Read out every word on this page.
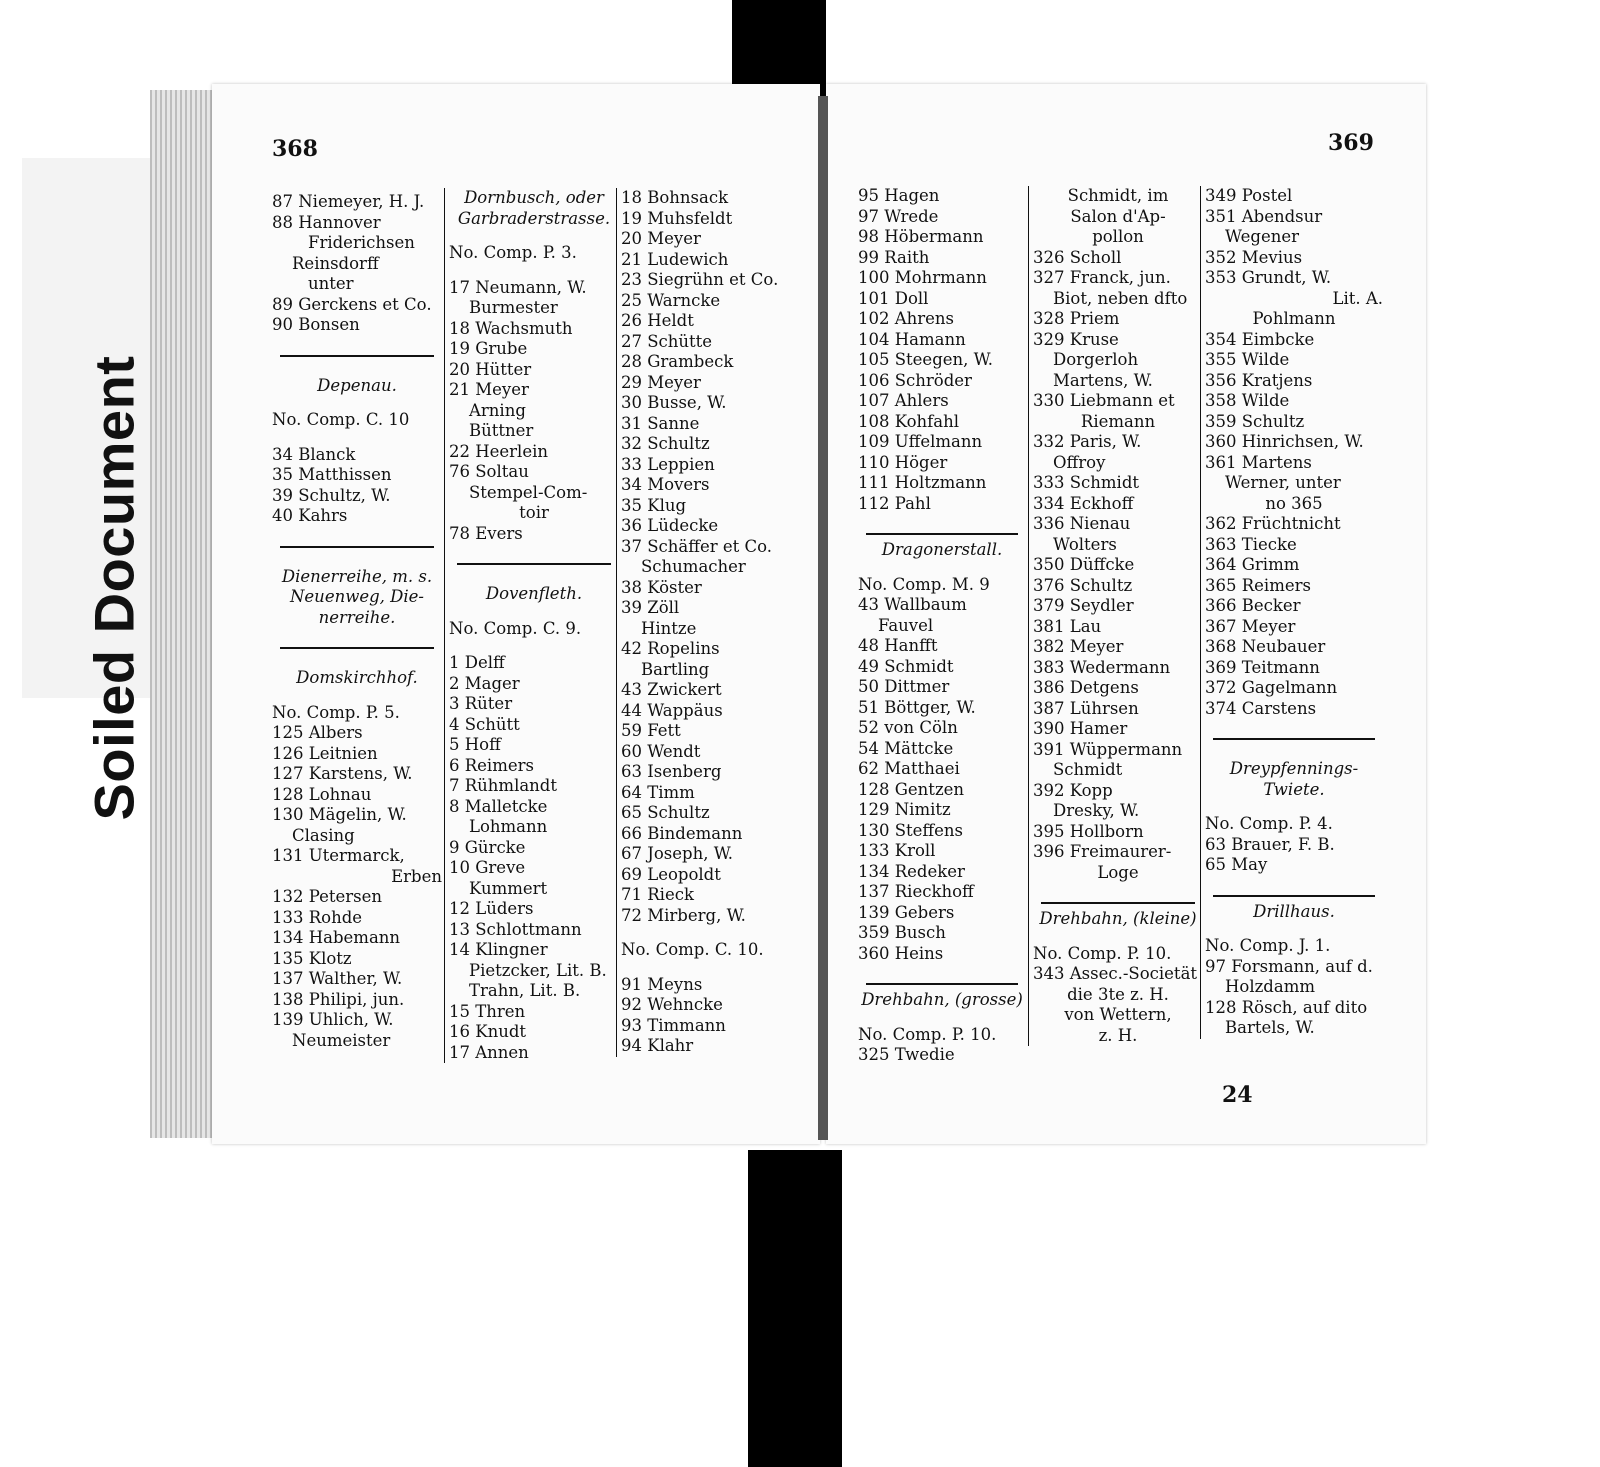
Soiled Document
368	369
87 Niemeyer, H. J.
88 Hannover
Friderichsen
Reinsdorff
unter
89 Gerckens et Co.
90 Bonsen
Depenau.
No. Comp. C. 10
34 Blanck
35 Matthissen
39 Schultz, W.
40 Kahrs
Dienerreihe, m. s.
Neuenweg, Die-
nerreihe.
Domskirchhof.
No. Comp. P. 5.
125 Albers
126 Leitnien
127 Karstens, W.
128 Lohnau
130 Mägelin, W.
Clasing
131 Utermarck,
Erben
132 Petersen
133 Rohde
134 Habemann
135 Klotz
137 Walther, W.
138 Philipi, jun.
139 Uhlich, W.
Neumeister
Dornbusch, oder
Garbraderstrasse.
No. Comp. P. 3.
17 Neumann, W.
Burmester
18 Wachsmuth
19 Grube
20 Hütter
21 Meyer
Arning
Büttner
22 Heerlein
76 Soltau
Stempel-Com-
toir
78 Evers
Dovenfleth.
No. Comp. C. 9.
1 Delff
2 Mager
3 Rüter
4 Schütt
5 Hoff
6 Reimers
7 Rühmlandt
8 Malletcke
Lohmann
9 Gürcke
10 Greve
Kummert
12 Lüders
13 Schlottmann
14 Klingner
Pietzcker, Lit. B.
Trahn, Lit. B.
15 Thren
16 Knudt
17 Annen
18 Bohnsack
19 Muhsfeldt
20 Meyer
21 Ludewich
23 Siegrühn et Co.
25 Warncke
26 Heldt
27 Schütte
28 Grambeck
29 Meyer
30 Busse, W.
31 Sanne
32 Schultz
33 Leppien
34 Movers
35 Klug
36 Lüdecke
37 Schäffer et Co.
Schumacher
38 Köster
39 Zöll
Hintze
42 Ropelins
Bartling
43 Zwickert
44 Wappäus
59 Fett
60 Wendt
63 Isenberg
64 Timm
65 Schultz
66 Bindemann
67 Joseph, W.
69 Leopoldt
71 Rieck
72 Mirberg, W.
No. Comp. C. 10.
91 Meyns
92 Wehncke
93 Timmann
94 Klahr
95 Hagen
97 Wrede
98 Höbermann
99 Raith
100 Mohrmann
101 Doll
102 Ahrens
104 Hamann
105 Steegen, W.
106 Schröder
107 Ahlers
108 Kohfahl
109 Uffelmann
110 Höger
111 Holtzmann
112 Pahl
Dragonerstall.
No. Comp. M. 9
43 Wallbaum
Fauvel
48 Hanfft
49 Schmidt
50 Dittmer
51 Böttger, W.
52 von Cöln
54 Mättcke
62 Matthaei
128 Gentzen
129 Nimitz
130 Steffens
133 Kroll
134 Redeker
137 Rieckhoff
139 Gebers
359 Busch
360 Heins
Drehbahn, (grosse)
No. Comp. P. 10.
325 Twedie
Schmidt, im
Salon d'Ap-
pollon
326 Scholl
327 Franck, jun.
Biot, neben dfto
328 Priem
329 Kruse
Dorgerloh
Martens, W.
330 Liebmann et
Riemann
332 Paris, W.
Offroy
333 Schmidt
334 Eckhoff
336 Nienau
Wolters
350 Düffcke
376 Schultz
379 Seydler
381 Lau
382 Meyer
383 Wedermann
386 Detgens
387 Lührsen
390 Hamer
391 Wüppermann
Schmidt
392 Kopp
Dresky, W.
395 Hollborn
396 Freimaurer-
Loge
Drehbahn, (kleine)
No. Comp. P. 10.
343 Assec.-Societät
die 3te z. H.
von Wettern,
z. H.
349 Postel
351 Abendsur
Wegener
352 Mevius
353 Grundt, W.
Lit. A.
Pohlmann
354 Eimbcke
355 Wilde
356 Kratjens
358 Wilde
359 Schultz
360 Hinrichsen, W.
361 Martens
Werner, unter
no 365
362 Früchtnicht
363 Tiecke
364 Grimm
365 Reimers
366 Becker
367 Meyer
368 Neubauer
369 Teitmann
372 Gagelmann
374 Carstens
Dreypfennings-
Twiete.
No. Comp. P. 4.
63 Brauer, F. B.
65 May
Drillhaus.
No. Comp. J. 1.
97 Forsmann, auf d.
Holzdamm
128 Rösch, auf dito
Bartels, W.
24
